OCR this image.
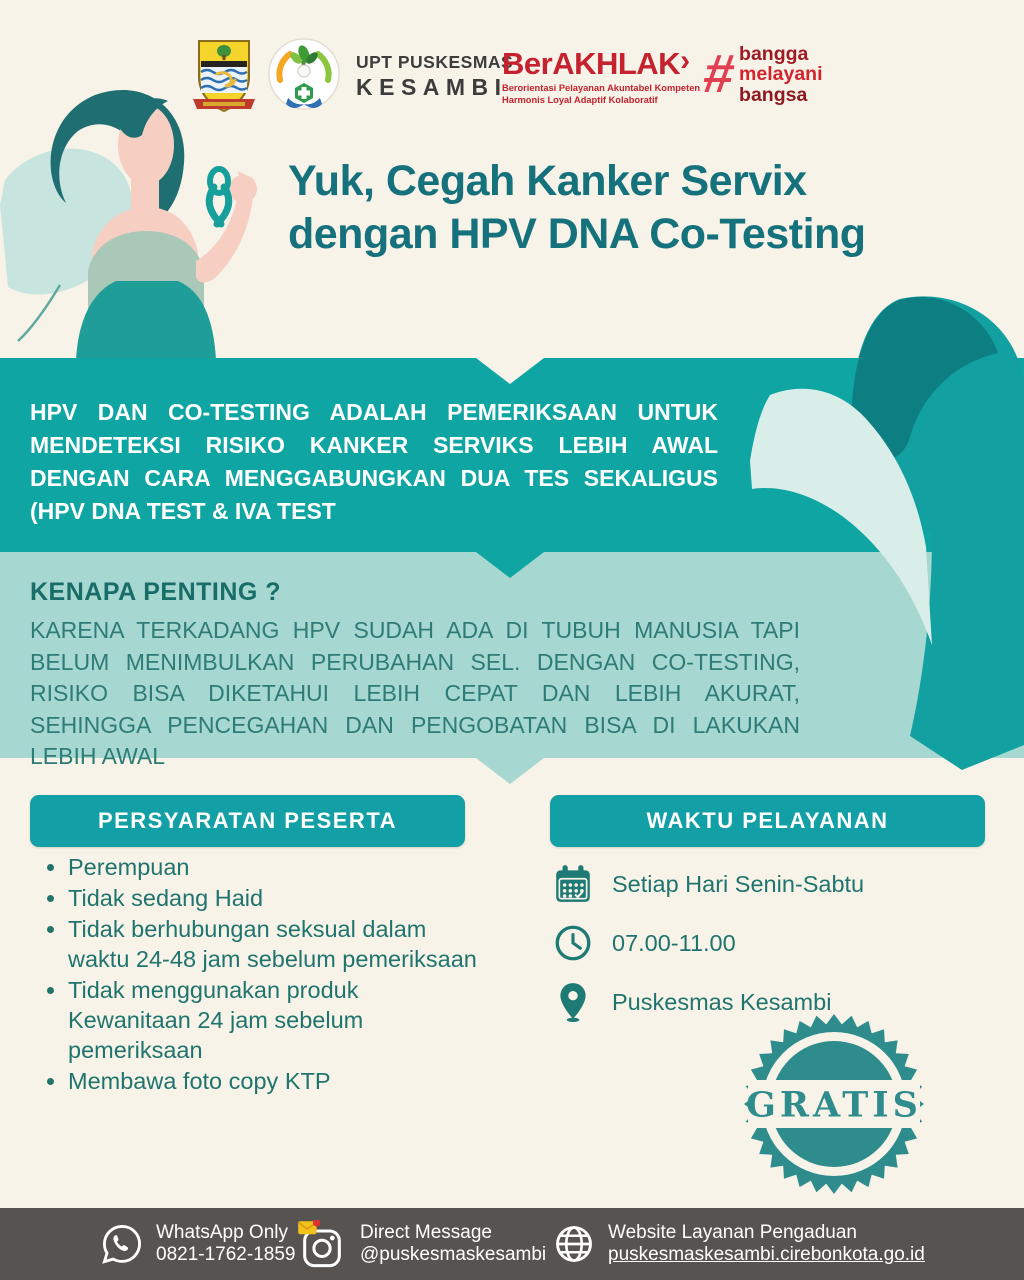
UPT PUSKESMAS
KESAMBI
BerAKHLAK›
Berorientasi Pelayanan Akuntabel Kompeten
Harmonis Loyal Adaptif Kolaboratif # bangga
melayani
bangsa
Yuk, Cegah Kanker Servix
dengan HPV DNA Co-Testing
HPV DAN CO-TESTING ADALAH PEMERIKSAAN UNTUK MENDETEKSI RISIKO KANKER SERVIKS LEBIH AWAL DENGAN CARA MENGGABUNGKAN DUA TES SEKALIGUS (HPV DNA TEST & IVA TEST
KENAPA PENTING ?
KARENA TERKADANG HPV SUDAH ADA DI TUBUH MANUSIA TAPI BELUM MENIMBULKAN PERUBAHAN SEL. DENGAN CO-TESTING, RISIKO BISA DIKETAHUI LEBIH CEPAT DAN LEBIH AKURAT, SEHINGGA PENCEGAHAN DAN PENGOBATAN BISA DI LAKUKAN LEBIH AWAL
PERSYARATAN PESERTA	WAKTU PELAYANAN
• Perempuan
• Tidak sedang Haid
• Tidak berhubungan seksual dalam waktu 24-48 jam sebelum pemeriksaan
• Tidak menggunakan produk Kewanitaan 24 jam sebelum pemeriksaan
• Membawa foto copy KTP
Setiap Hari Senin-Sabtu
07.00-11.00
Puskesmas Kesambi
GRATIS
WhatsApp Only
0821-1762-1859
Direct Message
@puskesmaskesambi
Website Layanan Pengaduan
puskesmaskesambi.cirebonkota.go.id
